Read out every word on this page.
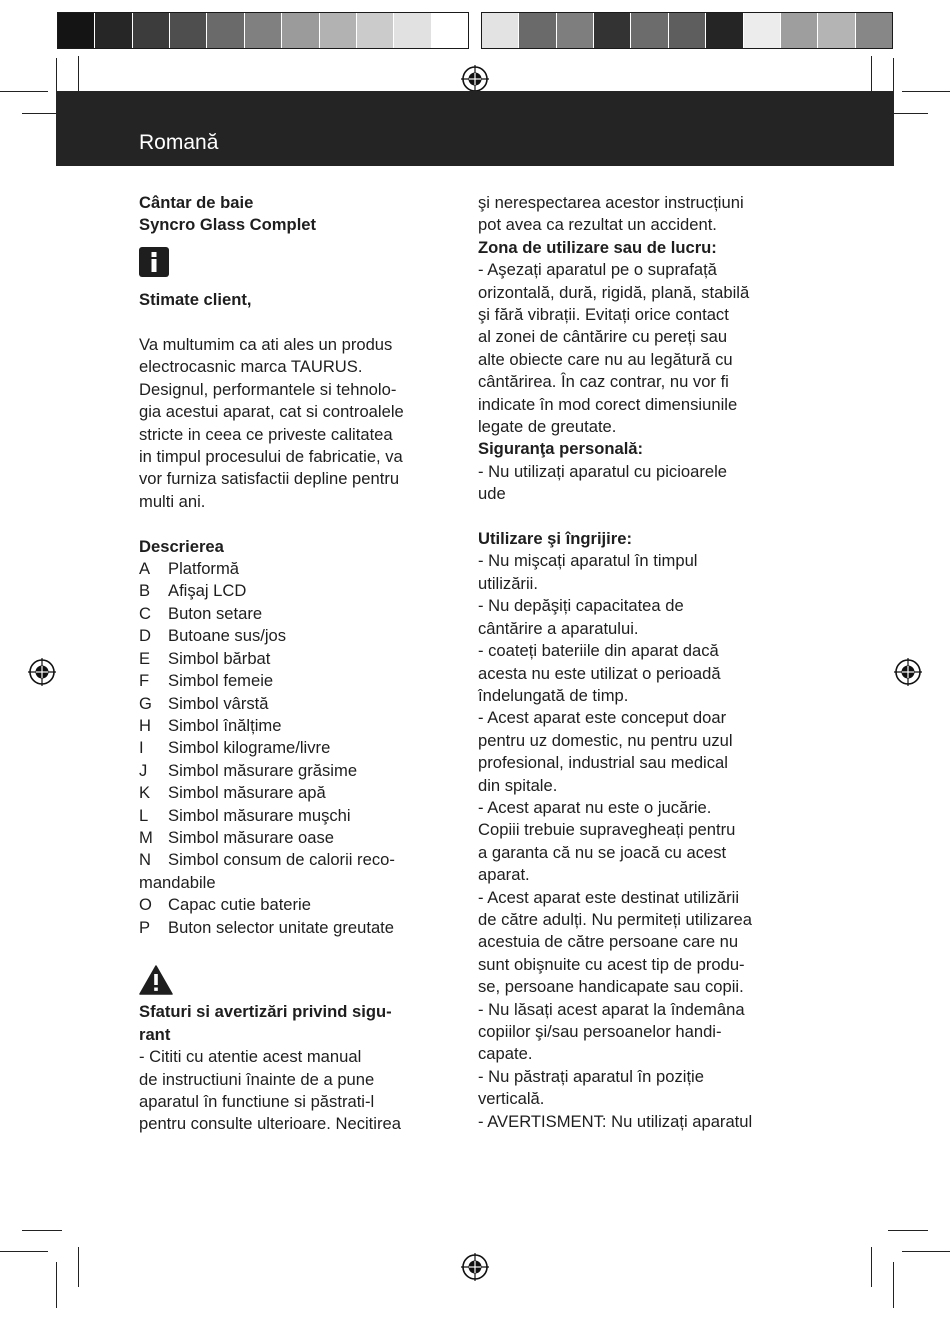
Romană

Cântar de baie

Syncro Glass Complet

Stimate client,

Va multumim ca ati ales un produs

electrocasnic marca TAURUS.

Designul, performantele si tehnolo-

gia acestui aparat, cat si controalele

stricte in ceea ce priveste calitatea

in timpul procesului de fabricatie, va

vor furniza satisfactii depline pentru

multi ani.

Descrierea

A	Platformă
B	Afişaj LCD
C	Buton setare
D	Butoane sus/jos
E	Simbol bărbat
F	Simbol femeie
G Simbol vârstă
H	Simbol înălțime
I	Simbol kilograme/livre
J	Simbol măsurare grăsime
K	Simbol măsurare apă
L	Simbol măsurare muşchi
M Simbol măsurare oase
N	Simbol consum de calorii reco-

mandabile

O Capac cutie baterie
P	Buton selector unitate greutate

Sfaturi si avertizări privind sigu-

rant

- Cititi cu atentie acest manual

de instructiuni înainte de a pune

aparatul în functiune si păstrati-l

pentru consulte ulterioare. Necitirea

şi nerespectarea acestor instrucțiuni

pot avea ca rezultat un accident.

Zona de utilizare sau de lucru:

- Aşezați aparatul pe o suprafață

orizontală, dură, rigidă, plană, stabilă

şi fără vibrații. Evitați orice contact

al zonei de cântărire cu pereți sau

alte obiecte care nu au legătură cu

cântărirea. În caz contrar, nu vor fi

indicate în mod corect dimensiunile

legate de greutate.

Siguranţa personală:

- Nu utilizați aparatul cu picioarele

ude

Utilizare şi îngrijire:

- Nu mişcați aparatul în timpul

utilizării.

- Nu depăşiți capacitatea de

cântărire a aparatului.

- coateți bateriile din aparat dacă

acesta nu este utilizat o perioadă

îndelungată de timp.

- Acest aparat este conceput doar

pentru uz domestic, nu pentru uzul

profesional, industrial sau medical

din spitale.

- Acest aparat nu este o jucărie.

Copiii trebuie supravegheați pentru

a garanta că nu se joacă cu acest

aparat.

- Acest aparat este destinat utilizării

de către adulți. Nu permiteți utilizarea

acestuia de către persoane care nu

sunt obişnuite cu acest tip de produ-

se, persoane handicapate sau copii.

- Nu lăsați acest aparat la îndemâna

copiilor şi/sau persoanelor handi-

capate.

- Nu păstrați aparatul în poziție

verticală.

- AVERTISMENT: Nu utilizați aparatul
